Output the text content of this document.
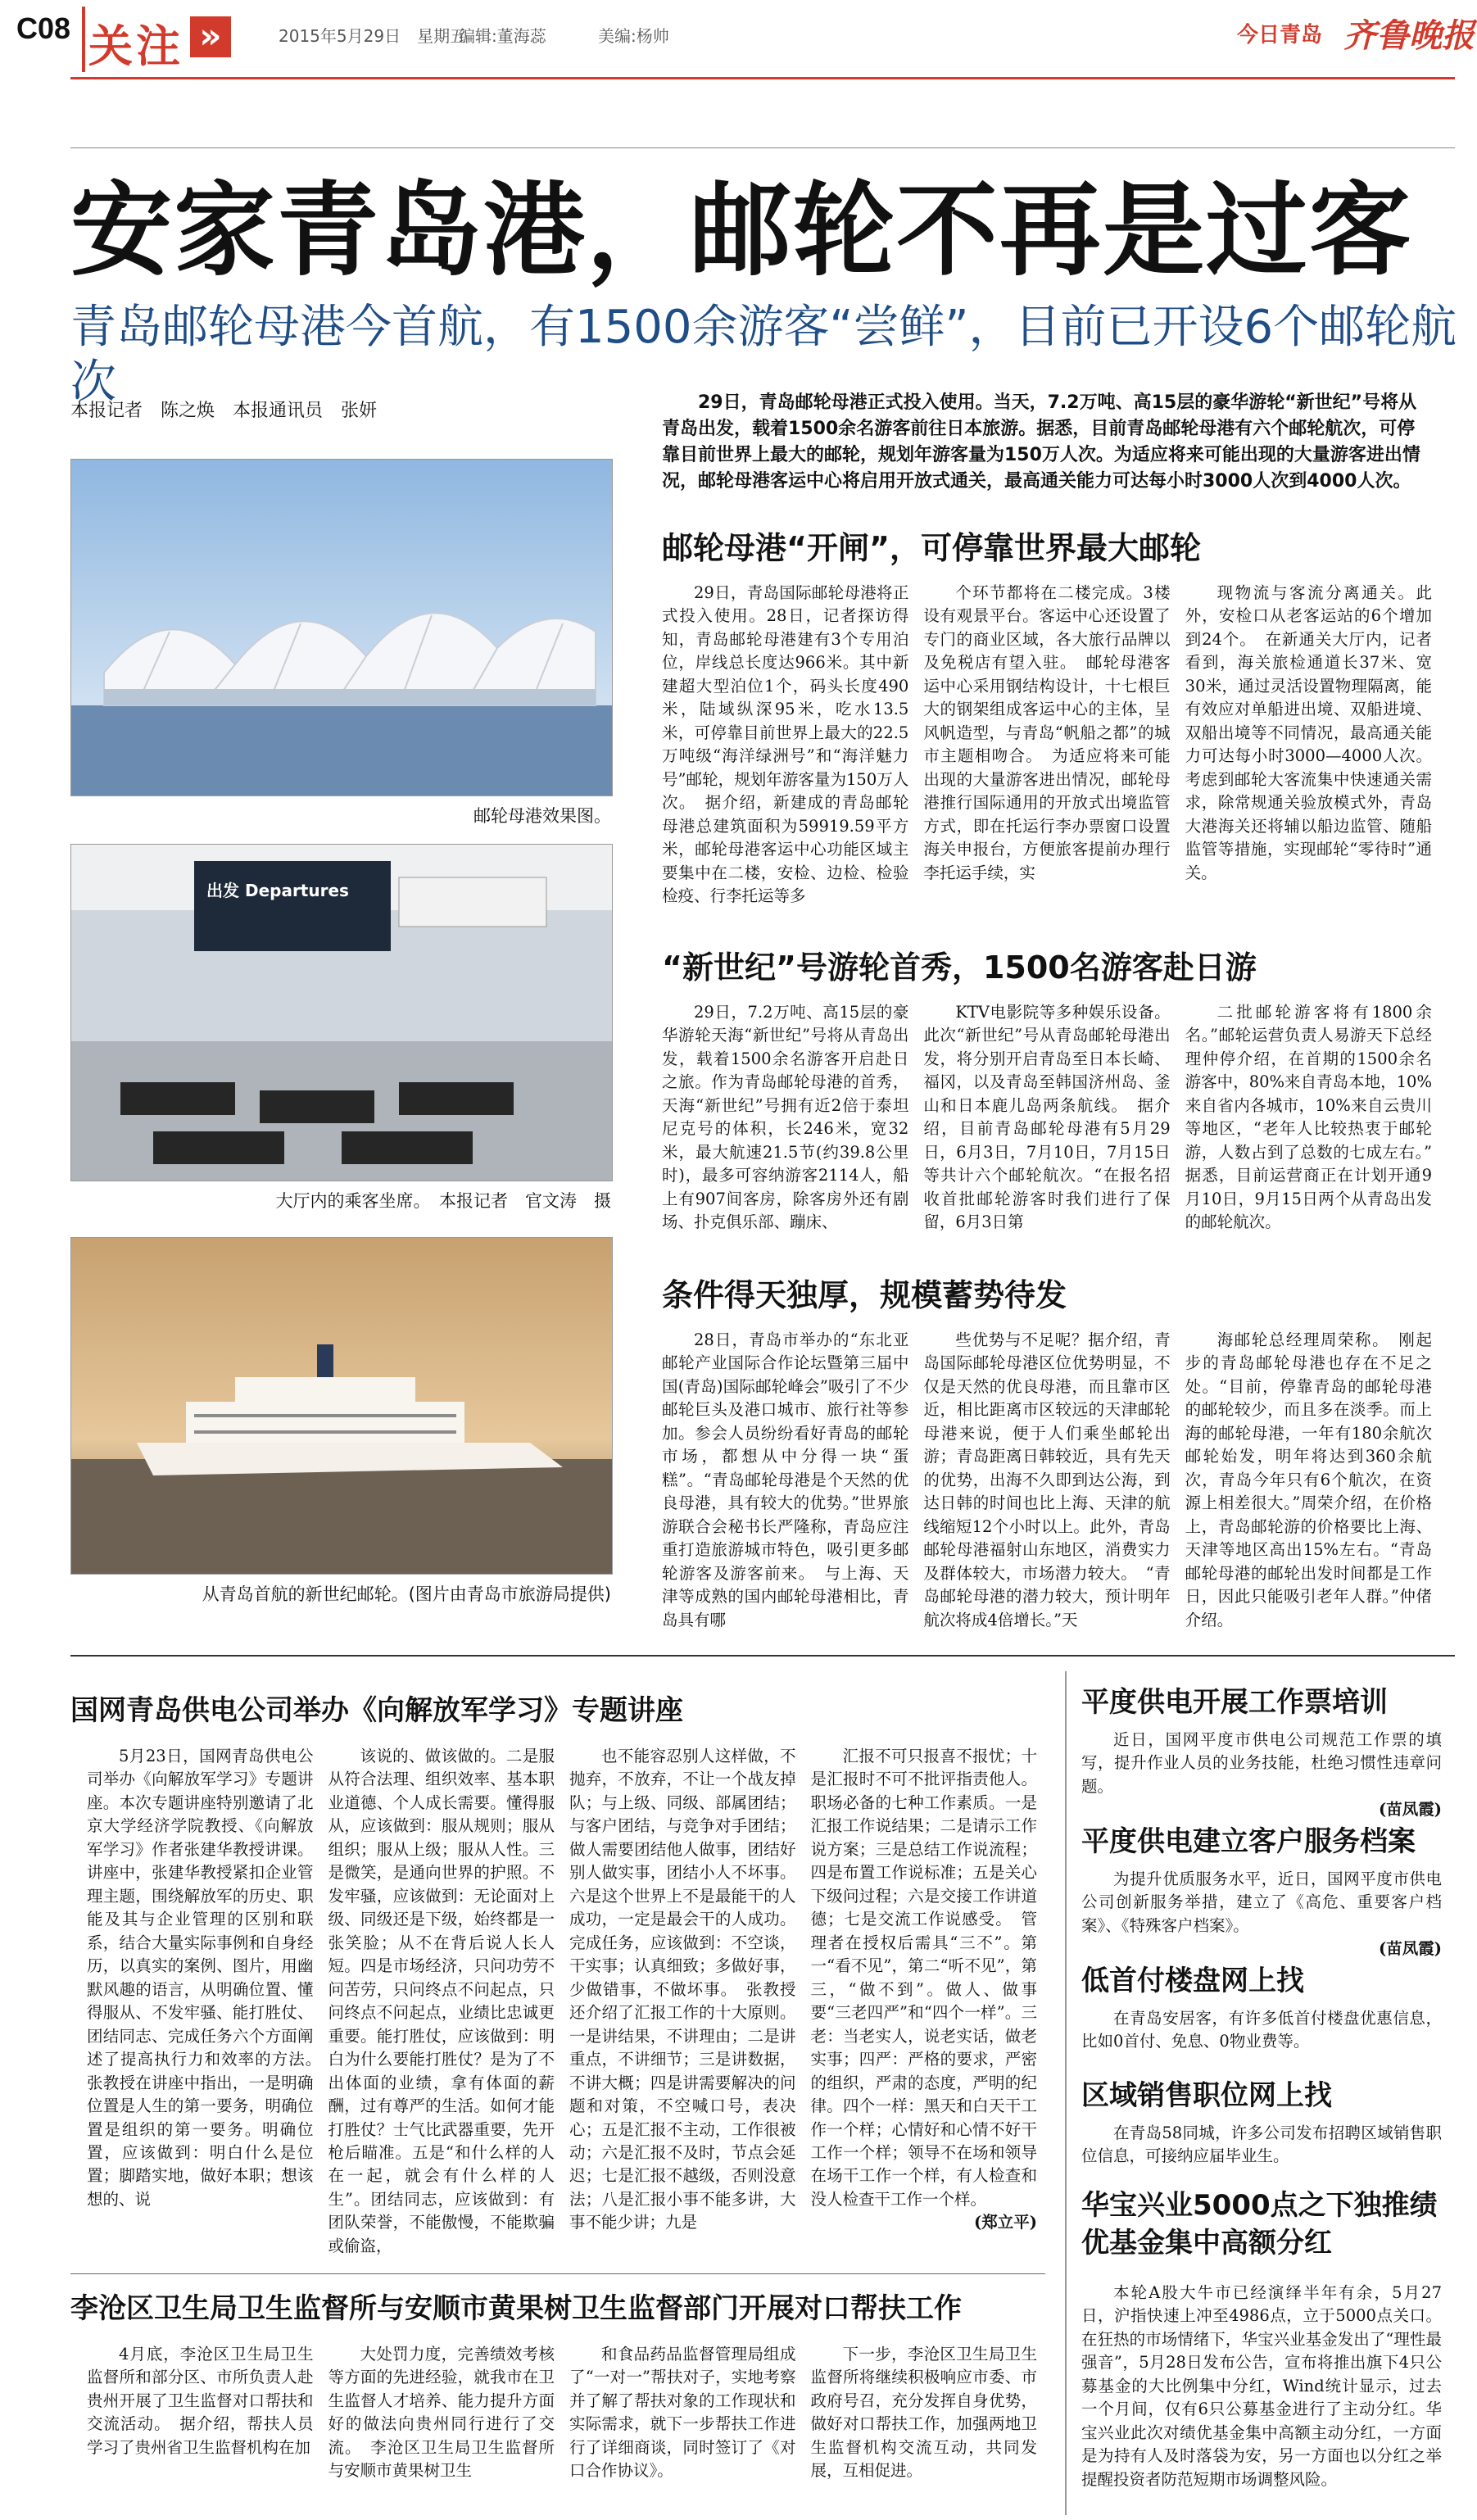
C08 关注 »	2015年5月29日　星期五
编辑:董海蕊	美编:杨帅	今日青岛 齐鲁晚报
安家青岛港，邮轮不再是过客
青岛邮轮母港今首航，有1500余游客“尝鲜”，目前已开设6个邮轮航次
本报记者　陈之焕　本报通讯员　张妍	29日，青岛邮轮母港正式投入使用。当天，7.2万吨、高15层的豪华游轮“新世纪”号将从青岛出发，载着1500余名游客前往日本旅游。据悉，目前青岛邮轮母港有六个邮轮航次，可停靠目前世界上最大的邮轮，规划年游客量为150万人次。为适应将来可能出现的大量游客进出情况，邮轮母港客运中心将启用开放式通关，最高通关能力可达每小时3000人次到4000人次。
邮轮母港效果图。
出发 Departures
大厅内的乘客坐席。　本报记者　官文涛　摄
从青岛首航的新世纪邮轮。(图片由青岛市旅游局提供)
邮轮母港“开闸”，可停靠世界最大邮轮

29日，青岛国际邮轮母港将正式投入使用。28日，记者探访得知，青岛邮轮母港建有3个专用泊位，岸线总长度达966米。其中新建超大型泊位1个，码头长度490米，陆域纵深95米，吃水13.5米，可停靠目前世界上最大的22.5万吨级“海洋绿洲号”和“海洋魅力号”邮轮，规划年游客量为150万人次。　据介绍，新建成的青岛邮轮母港总建筑面积为59919.59平方米，邮轮母港客运中心功能区域主要集中在二楼，安检、边检、检验检疫、行李托运等多

个环节都将在二楼完成。3楼设有观景平台。客运中心还设置了专门的商业区域，各大旅行品牌以及免税店有望入驻。　邮轮母港客运中心采用钢结构设计，十七根巨大的钢架组成客运中心的主体，呈风帆造型，与青岛“帆船之都”的城市主题相吻合。　为适应将来可能出现的大量游客进出情况，邮轮母港推行国际通用的开放式出境监管方式，即在托运行李办票窗口设置海关申报台，方便旅客提前办理行李托运手续，实

现物流与客流分离通关。此外，安检口从老客运站的6个增加到24个。　在新通关大厅内，记者看到，海关旅检通道长37米、宽30米，通过灵活设置物理隔离，能有效应对单船进出境、双船进境、双船出境等不同情况，最高通关能力可达每小时3000—4000人次。考虑到邮轮大客流集中快速通关需求，除常规通关验放模式外，青岛大港海关还将辅以船边监管、随船监管等措施，实现邮轮“零待时”通关。

“新世纪”号游轮首秀，1500名游客赴日游

29日，7.2万吨、高15层的豪华游轮天海“新世纪”号将从青岛出发，载着1500余名游客开启赴日之旅。作为青岛邮轮母港的首秀，天海“新世纪”号拥有近2倍于泰坦尼克号的体积，长246米，宽32米，最大航速21.5节(约39.8公里时)，最多可容纳游客2114人，船上有907间客房，除客房外还有剧场、扑克俱乐部、蹦床、

KTV电影院等多种娱乐设备。此次“新世纪”号从青岛邮轮母港出发，将分别开启青岛至日本长崎、福冈，以及青岛至韩国济州岛、釜山和日本鹿儿岛两条航线。　据介绍，目前青岛邮轮母港有5月29日，6月3日，7月10日，7月15日等共计六个邮轮航次。“在报名招收首批邮轮游客时我们进行了保留，6月3日第

二批邮轮游客将有1800余名。”邮轮运营负责人易游天下总经理仲停介绍，在首期的1500余名游客中，80%来自青岛本地，10%来自省内各城市，10%来自云贵川等地区，“老年人比较热衷于邮轮游，人数占到了总数的七成左右。”　据悉，目前运营商正在计划开通9月10日，9月15日两个从青岛出发的邮轮航次。

条件得天独厚，规模蓄势待发

28日，青岛市举办的“东北亚邮轮产业国际合作论坛暨第三届中国(青岛)国际邮轮峰会”吸引了不少邮轮巨头及港口城市、旅行社等参加。参会人员纷纷看好青岛的邮轮市场，都想从中分得一块“蛋糕”。“青岛邮轮母港是个天然的优良母港，具有较大的优势。”世界旅游联合会秘书长严隆称，青岛应注重打造旅游城市特色，吸引更多邮轮游客及游客前来。　与上海、天津等成熟的国内邮轮母港相比，青岛具有哪

些优势与不足呢？据介绍，青岛国际邮轮母港区位优势明显，不仅是天然的优良母港，而且靠市区近，相比距离市区较远的天津邮轮母港来说，便于人们乘坐邮轮出游；青岛距离日韩较近，具有先天的优势，出海不久即到达公海，到达日韩的时间也比上海、天津的航线缩短12个小时以上。此外，青岛邮轮母港福射山东地区，消费实力及群体较大，市场潜力较大。　“青岛邮轮母港的潜力较大，预计明年航次将成4倍增长。”天

海邮轮总经理周荣称。　刚起步的青岛邮轮母港也存在不足之处。“目前，停靠青岛的邮轮母港的邮轮较少，而且多在淡季。而上海的邮轮母港，一年有180余航次邮轮始发，明年将达到360余航次，青岛今年只有6个航次，在资源上相差很大。”周荣介绍，在价格上，青岛邮轮游的价格要比上海、天津等地区高出15%左右。“青岛邮轮母港的邮轮出发时间都是工作日，因此只能吸引老年人群。”仲偖介绍。

国网青岛供电公司举办《向解放军学习》专题讲座

5月23日，国网青岛供电公司举办《向解放军学习》专题讲座。本次专题讲座特别邀请了北京大学经济学院教授、《向解放军学习》作者张建华教授讲课。讲座中，张建华教授紧扣企业管理主题，围绕解放军的历史、职能及其与企业管理的区别和联系，结合大量实际事例和自身经历，以真实的案例、图片，用幽默风趣的语言，从明确位置、懂得服从、不发牢骚、能打胜仗、团结同志、完成任务六个方面阐述了提高执行力和效率的方法。　张教授在讲座中指出，一是明确位置是人生的第一要务，明确位置是组织的第一要务。明确位置，应该做到：明白什么是位置；脚踏实地，做好本职；想该想的、说

该说的、做该做的。二是服从符合法理、组织效率、基本职业道德、个人成长需要。懂得服从，应该做到：服从规则；服从组织；服从上级；服从人性。三是微笑，是通向世界的护照。不发牢骚，应该做到：无论面对上级、同级还是下级，始终都是一张笑脸；从不在背后说人长人短。四是市场经济，只问功劳不问苦劳，只问终点不问起点，只问终点不问起点，业绩比忠诚更重要。能打胜仗，应该做到：明白为什么要能打胜仗？是为了不出体面的业绩，拿有体面的薪酬，过有尊严的生活。如何才能打胜仗？士气比武器重要，先开枪后瞄准。五是“和什么样的人在一起，就会有什么样的人生”。团结同志，应该做到：有团队荣誉，不能傲慢，不能欺骗或偷盗，

也不能容忍别人这样做，不抛弃，不放弃，不让一个战友掉队；与上级、同级、部属团结；与客户团结，与竞争对手团结；做人需要团结他人做事，团结好别人做实事，团结小人不坏事。六是这个世界上不是最能干的人成功，一定是最会干的人成功。完成任务，应该做到：不空谈，干实事；认真细致；多做好事，少做错事，不做坏事。　张教授还介绍了汇报工作的十大原则。一是讲结果，不讲理由；二是讲重点，不讲细节；三是讲数据，不讲大概；四是讲需要解决的问题和对策，不空喊口号，表决心；五是汇报不主动，工作很被动；六是汇报不及时，节点会延迟；七是汇报不越级，否则没意法；八是汇报小事不能多讲，大事不能少讲；九是

汇报不可只报喜不报忧；十是汇报时不可不批评指责他人。职场必备的七种工作素质。一是汇报工作说结果；二是请示工作说方案；三是总结工作说流程；四是布置工作说标准；五是关心下级问过程；六是交接工作讲道德；七是交流工作说感受。　管理者在授权后需具“三不”。第一“看不见”，第二“听不见”，第三，“做不到”。做人、做事要“三老四严”和“四个一样”。三老：当老实人，说老实话，做老实事；四严：严格的要求，严密的组织，严肃的态度，严明的纪律。四个一样：黑天和白天干工作一个样；心情好和心情不好干工作一个样；领导不在场和领导在场干工作一个样，有人检查和没人检查干工作一个样。

(郑立平)
李沧区卫生局卫生监督所与安顺市黄果树卫生监督部门开展对口帮扶工作

4月底，李沧区卫生局卫生监督所和部分区、市所负责人赴贵州开展了卫生监督对口帮扶和交流活动。　据介绍，帮扶人员学习了贵州省卫生监督机构在加

大处罚力度，完善绩效考核等方面的先进经验，就我市在卫生监督人才培养、能力提升方面好的做法向贵州同行进行了交流。　李沧区卫生局卫生监督所与安顺市黄果树卫生

和食品药品监督管理局组成了“一对一”帮扶对子，实地考察并了解了帮扶对象的工作现状和实际需求，就下一步帮扶工作进行了详细商谈，同时签订了《对口合作协议》。

下一步，李沧区卫生局卫生监督所将继续积极响应市委、市政府号召，充分发挥自身优势，做好对口帮扶工作，加强两地卫生监督机构交流互动，共同发展，互相促进。

平度供电开展工作票培训

近日，国网平度市供电公司规范工作票的填写，提升作业人员的业务技能，杜绝习惯性违章问题。

(苗凤霞)
平度供电建立客户服务档案

为提升优质服务水平，近日，国网平度市供电公司创新服务举措，建立了《高危、重要客户档案》、《特殊客户档案》。

(苗凤霞)
低首付楼盘网上找

在青岛安居客，有许多低首付楼盘优惠信息，比如0首付、免息、0物业费等。

区域销售职位网上找

在青岛58同城，许多公司发布招聘区域销售职位信息，可接纳应届毕业生。

华宝兴业5000点之下独推绩优基金集中高额分红

本轮A股大牛市已经演绎半年有余，5月27日，沪指快速上冲至4986点，立于5000点关口。在狂热的市场情绪下，华宝兴业基金发出了“理性最强音”，5月28日发布公告，宣布将推出旗下4只公募基金的大比例集中分红，Wind统计显示，过去一个月间，仅有6只公募基金进行了主动分红。华宝兴业此次对绩优基金集中高额主动分红，一方面是为持有人及时落袋为安，另一方面也以分红之举提醒投资者防范短期市场调整风险。
